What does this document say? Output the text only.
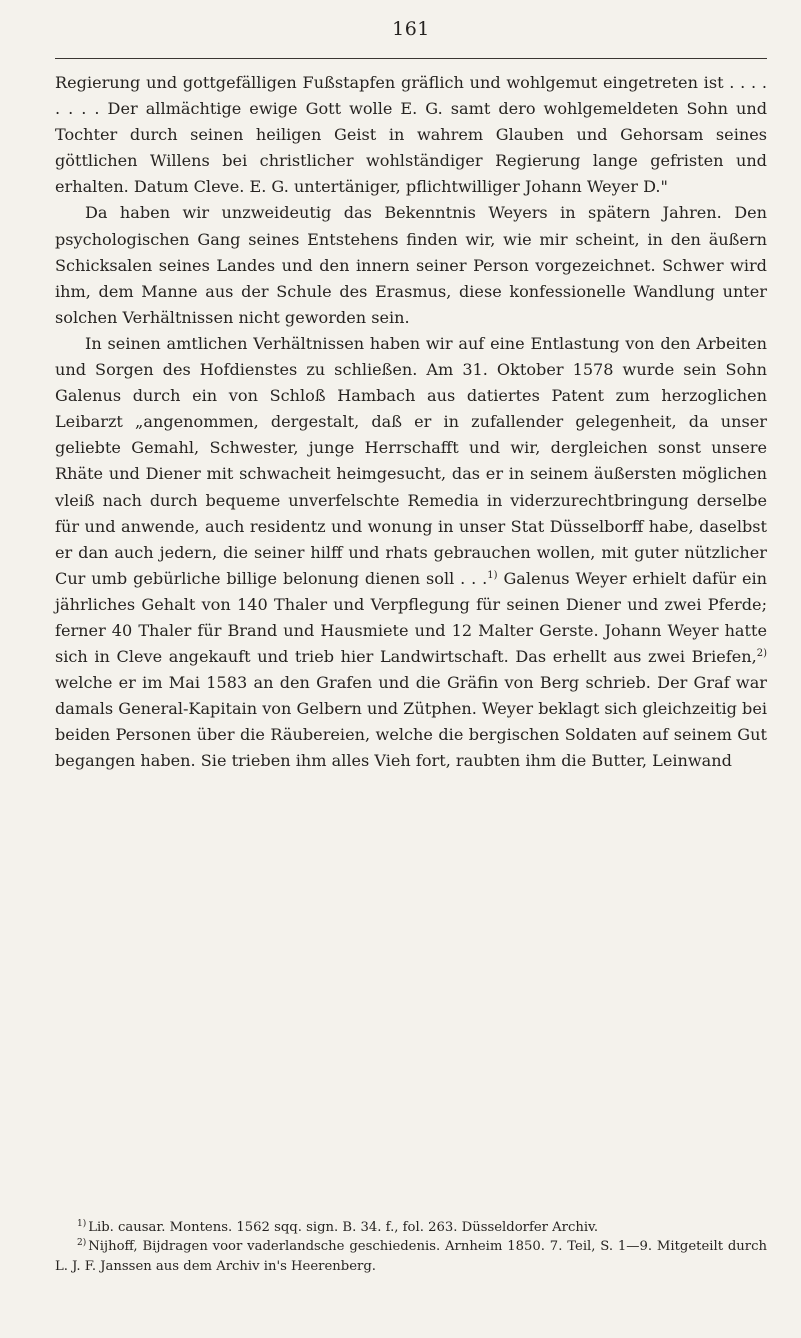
161

Regierung und gottgefälligen Fußstapfen gräflich und wohlgemut eingetreten ist . . . . . . . . Der allmächtige ewige Gott wolle E. G. samt dero wohlgemeldeten Sohn und Tochter durch seinen heiligen Geist in wahrem Glauben und Gehorsam seines göttlichen Willens bei christlicher wohlständiger Regierung lange gefristen und erhalten. Datum Cleve. E. G. untertäniger, pflichtwilliger Johann Weyer D."

Da haben wir unzweideutig das Bekenntnis Weyers in spätern Jahren. Den psychologischen Gang seines Entstehens finden wir, wie mir scheint, in den äußern Schicksalen seines Landes und den innern seiner Person vorgezeichnet. Schwer wird ihm, dem Manne aus der Schule des Erasmus, diese konfessionelle Wandlung unter solchen Verhältnissen nicht geworden sein.

In seinen amtlichen Verhältnissen haben wir auf eine Entlastung von den Arbeiten und Sorgen des Hofdienstes zu schließen. Am 31. Oktober 1578 wurde sein Sohn Galenus durch ein von Schloß Hambach aus datiertes Patent zum herzoglichen Leibarzt „angenommen, dergestalt, daß er in zufallender gelegenheit, da unser geliebte Gemahl, Schwester, junge Herrschafft und wir, dergleichen sonst unsere Rhäte und Diener mit schwacheit heimgesucht, das er in seinem äußersten möglichen vleiß nach durch bequeme unverfelschte Remedia in viderzurechtbringung derselbe für und anwende, auch residentz und wonung in unser Stat Düsselborff habe, daselbst er dan auch jedern, die seiner hilff und rhats gebrauchen wollen, mit guter nützlicher Cur umb gebürliche billige belonung dienen soll . . .$^{1)}$ Galenus Weyer erhielt dafür ein jährliches Gehalt von 140 Thaler und Verpflegung für seinen Diener und zwei Pferde; ferner 40 Thaler für Brand und Hausmiete und 12 Malter Gerste. Johann Weyer hatte sich in Cleve angekauft und trieb hier Landwirtschaft. Das erhellt aus zwei Briefen,$^{2)}$ welche er im Mai 1583 an den Grafen und die Gräfin von Berg schrieb. Der Graf war damals General-Kapitain von Gelbern und Zütphen. Weyer beklagt sich gleichzeitig bei beiden Personen über die Räubereien, welche die bergischen Soldaten auf seinem Gut begangen haben. Sie trieben ihm alles Vieh fort, raubten ihm die Butter, Leinwand

$^{1)}$ Lib. causar. Montens. 1562 sqq. sign. B. 34. f., fol. 263. Düsseldorfer Archiv.

$^{2)}$ Nijhoff, Bijdragen voor vaderlandsche geschiedenis. Arnheim 1850. 7. Teil, S. 1—9. Mitgeteilt durch L. J. F. Janssen aus dem Archiv in's Heerenberg.
